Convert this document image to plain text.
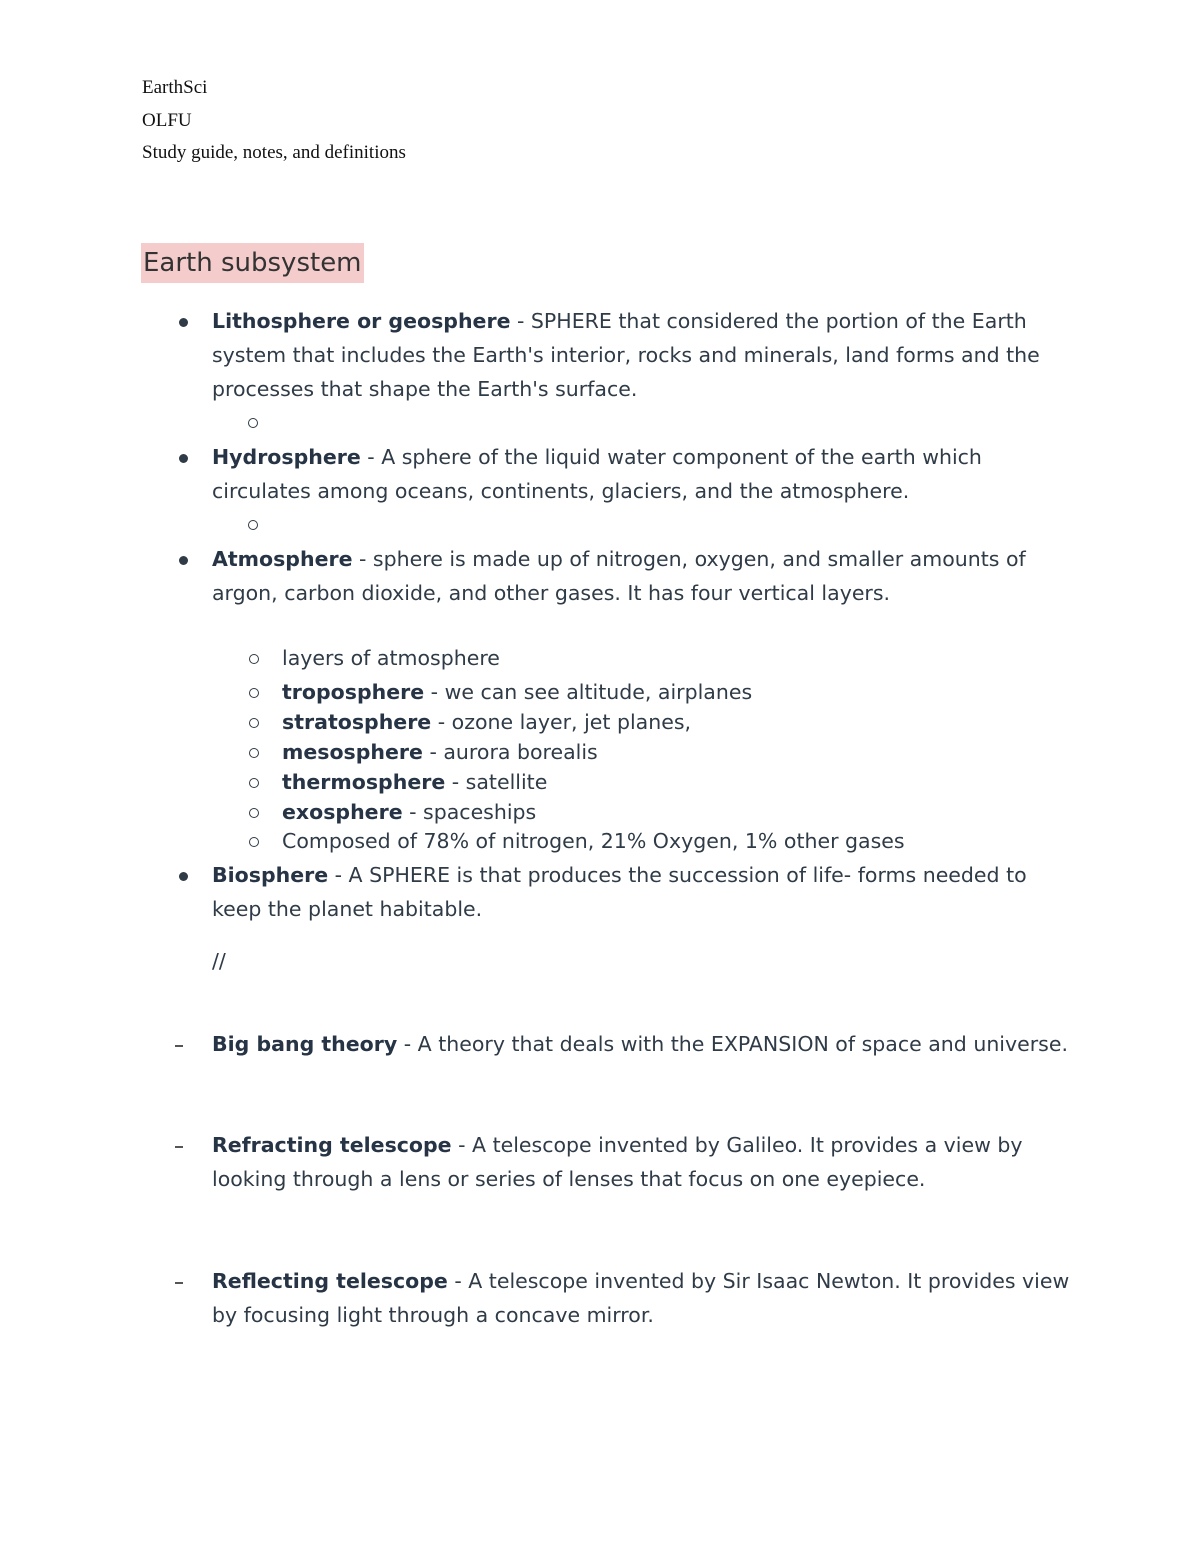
EarthSci
OLFU
Study guide, notes, and definitions
Earth subsystem
Lithosphere or geosphere - SPHERE that considered the portion of the Earth system that includes the Earth's interior, rocks and minerals, land forms and the processes that shape the Earth's surface.
Hydrosphere - A sphere of the liquid water component of the earth which circulates among oceans, continents, glaciers, and the atmosphere.
Atmosphere - sphere is made up of nitrogen, oxygen, and smaller amounts of argon, carbon dioxide, and other gases. It has four vertical layers.
layers of atmosphere
troposphere - we can see altitude, airplanes
stratosphere - ozone layer, jet planes,
mesosphere - aurora borealis
thermosphere - satellite
exosphere - spaceships
Composed of 78% of nitrogen, 21% Oxygen, 1% other gases
Biosphere - A SPHERE is that produces the succession of life- forms needed to keep the planet habitable.
//
Big bang theory - A theory that deals with the EXPANSION of space and universe.
Refracting telescope - A telescope invented by Galileo. It provides a view by looking through a lens or series of lenses that focus on one eyepiece.
Reflecting telescope - A telescope invented by Sir Isaac Newton. It provides view by focusing light through a concave mirror.
